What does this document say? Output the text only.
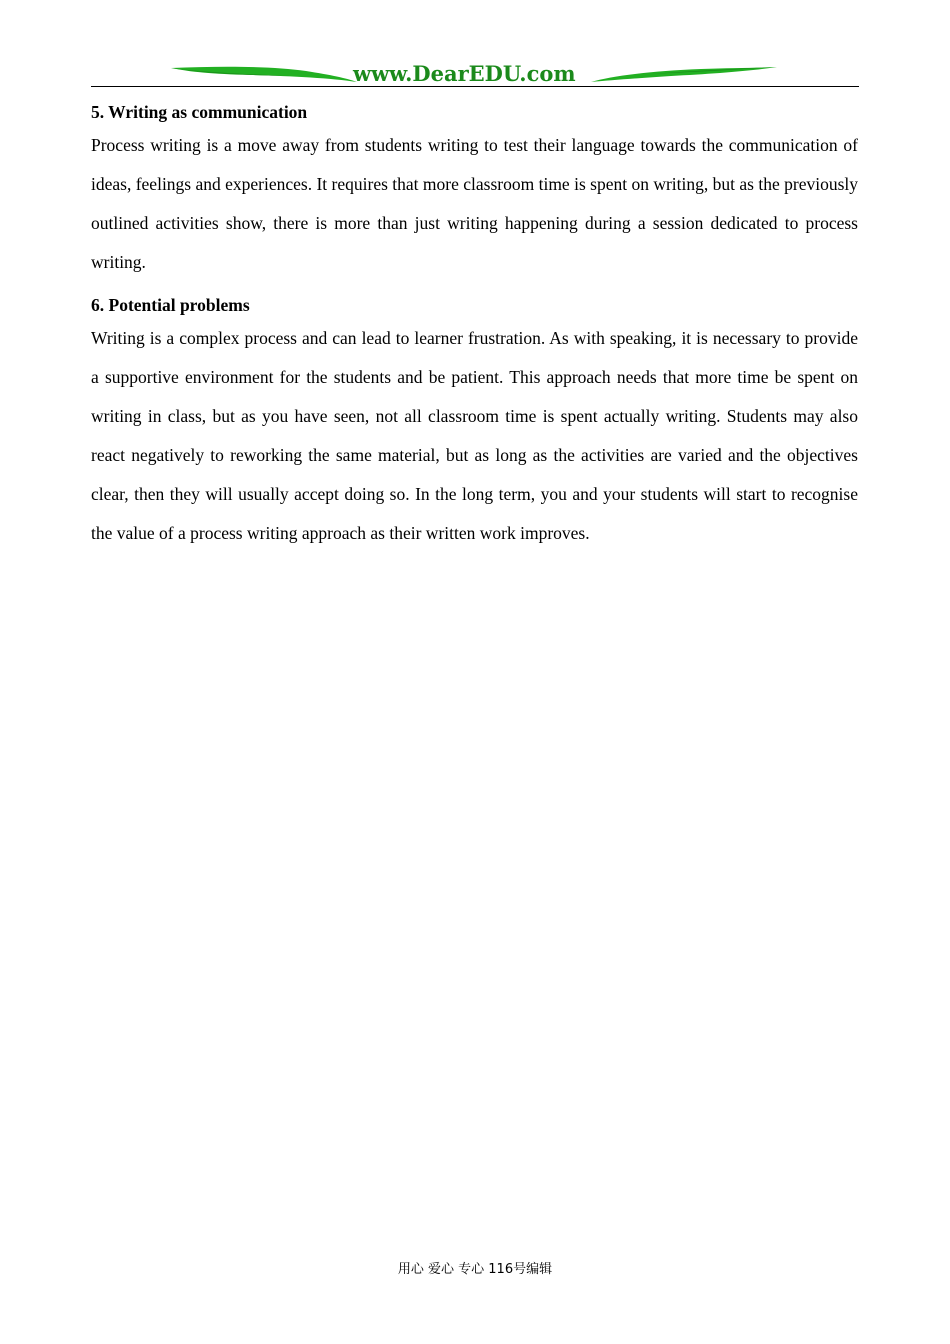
www.DearEDU.com
5. Writing as communication

Process writing is a move away from students writing to test their language towards the communication of ideas, feelings and experiences. It requires that more classroom time is spent on writing, but as the previously outlined activities show, there is more than just writing happening during a session dedicated to process writing.

6. Potential problems

Writing is a complex process and can lead to learner frustration. As with speaking, it is necessary to provide a supportive environment for the students and be patient. This approach needs that more time be spent on writing in class, but as you have seen, not all classroom time is spent actually writing. Students may also react negatively to reworking the same material, but as long as the activities are varied and the objectives clear, then they will usually accept doing so. In the long term, you and your students will start to recognise the value of a process writing approach as their written work improves.

用心 爱心 专心 116号编辑
